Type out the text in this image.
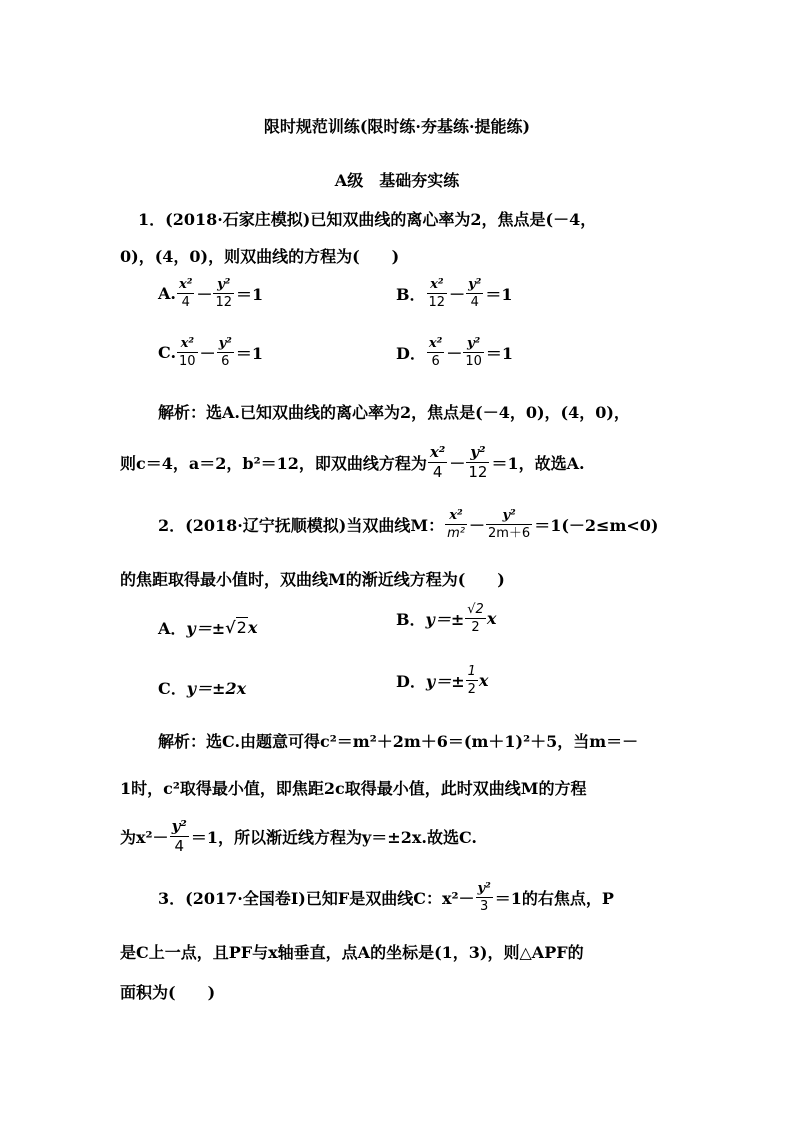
限时规范训练(限时练·夯基练·提能练)
A级　基础夯实练
1．(2018·石家庄模拟)已知双曲线的离心率为2，焦点是(－4，
0)，(4，0)，则双曲线的方程为(　　)
A. $\frac{\text{x²}}{4} - \frac{\text{y²}}{12} =1$	B． $\frac{\text{x²}}{12} - \frac{\text{y²}}{4} =1$
C. $\frac{\text{x²}}{10} - \frac{\text{y²}}{6} =1$	D． $\frac{\text{x²}}{6} - \frac{\text{y²}}{10} =1$
解析：选A.已知双曲线的离心率为2，焦点是(－4，0)，(4，0)，
则c＝4，a＝2，b²＝12，即双曲线方程为 $\frac{\text{x²}}{4} - \frac{\text{y²}}{12} =1$，故选A.
2．(2018·辽宁抚顺模拟)当双曲线M： $\frac{\text{x²}}{\text{m²}} - \frac{\text{y²}}{2m+6} =1(-2\le m<0)$
的焦距取得最小值时，双曲线M的渐近线方程为(　　)
A．y＝±√2x	B．$y=\pm \frac{√2}{2}$ x
C．y＝±2x	D．$y=\pm \frac{1}{2}$ x
解析：选C.由题意可得c²＝m²＋2m＋6＝(m＋1)²＋5，当m＝－
1时，c²取得最小值，即焦距2c取得最小值，此时双曲线M的方程
为$x^2- \frac{\text{y²}}{4} =1$，所以渐近线方程为y＝±2x.故选C.
3．(2017·全国卷Ⅰ)已知F是双曲线C：$x^2- \frac{\text{y²}}{3} =1$的右焦点，P
是C上一点，且PF与x轴垂直，点A的坐标是(1，3)，则△APF的
面积为(　　)
